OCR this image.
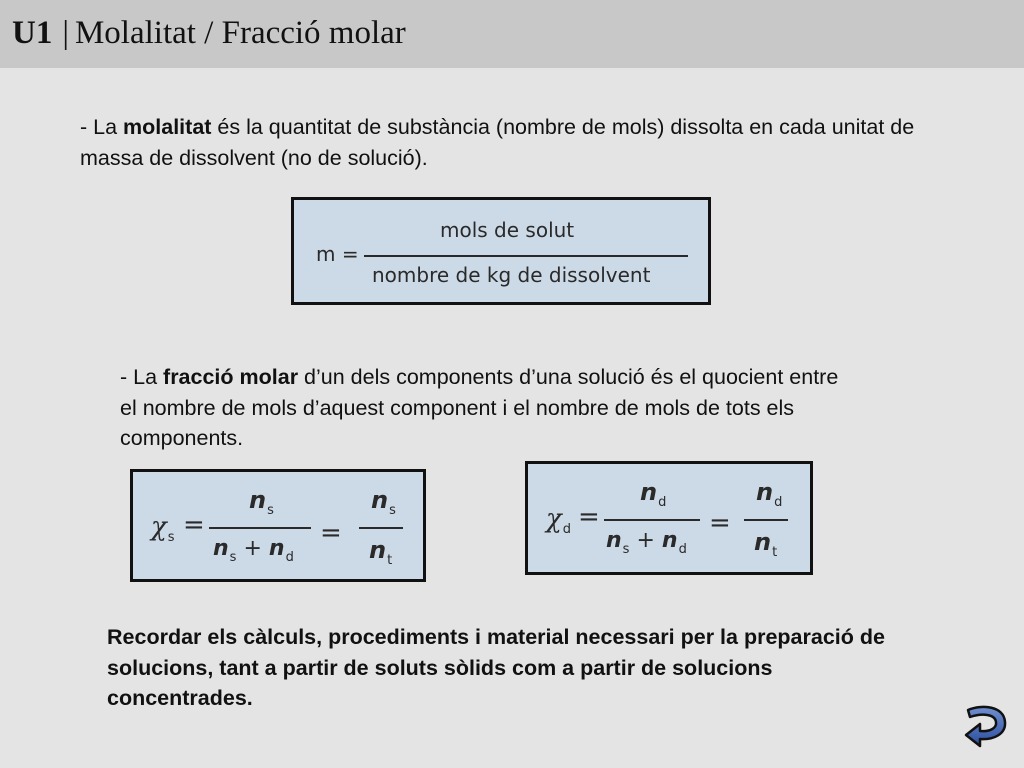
U1 | Molalitat / Fracció molar
- La molalitat és la quantitat de substància (nombre de mols) dissolta en cada unitat de massa de dissolvent (no de solució).
m =
mols de solut
nombre de kg de dissolvent
- La fracció molar d’un dels components d’una solució és el quocient entre el nombre de mols d’aquest component i el nombre de mols de tots els components.
$\chi_s$ =
$n_s$
$n_s + n_d$
=
$n_s$
$n_t$
$\chi_d$ =
$n_d$
$n_s + n_d$
=
$n_d$
$n_t$
Recordar els càlculs, procediments i material necessari per la preparació de solucions, tant a partir de soluts sòlids com a partir de solucions concentrades.
